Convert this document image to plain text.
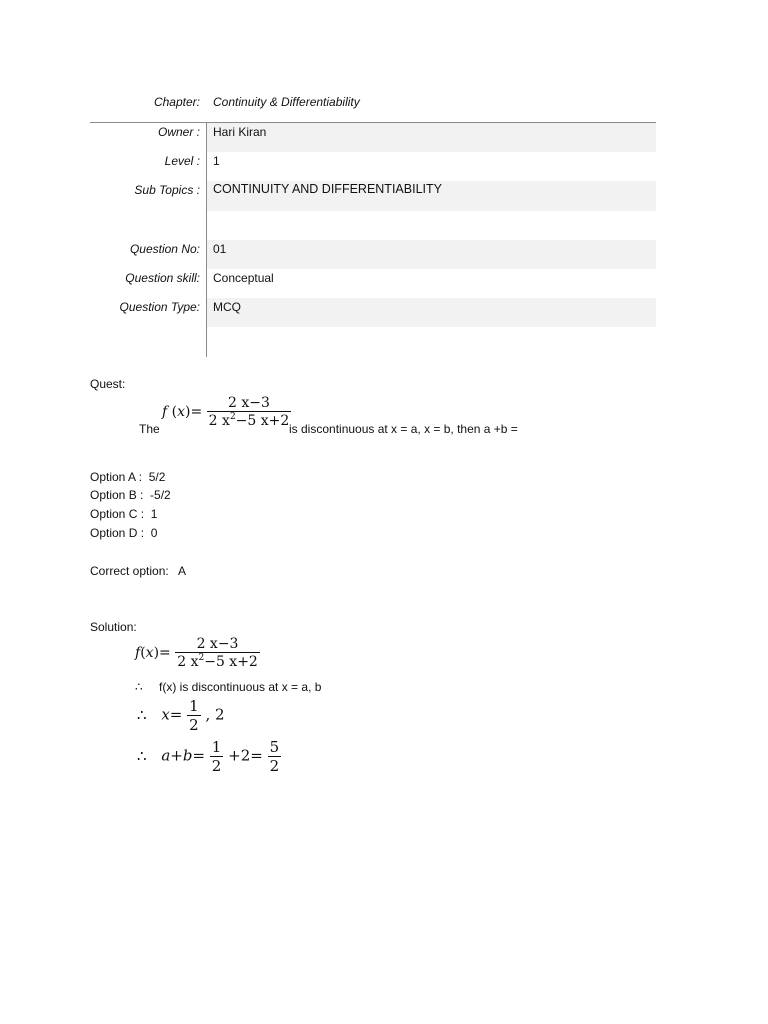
Chapter: Continuity & Differentiability
Owner : Hari Kiran
Level : 1
Sub Topics : CONTINUITY AND DIFFERENTIABILITY
Question No: 01
Question skill: Conceptual
Question Type: MCQ
Quest:
The
f $(x)= \frac{2 x-3}{2 x^2-5 x+2}$
is discontinuous at x = a, x = b, then a +b =
Option A : 5/2
Option B : -5/2
Option C : 1
Option D : 0
Correct option: A
Solution:
$f(x)= \frac{2 x-3}{2 x^2-5 x+2}$
∴ f(x) is discontinuous at x = a, b
∴ $x= \frac{1}{2}$ , 2
∴ $a+b= \frac{1}{2} +2= \frac{5}{2}$
